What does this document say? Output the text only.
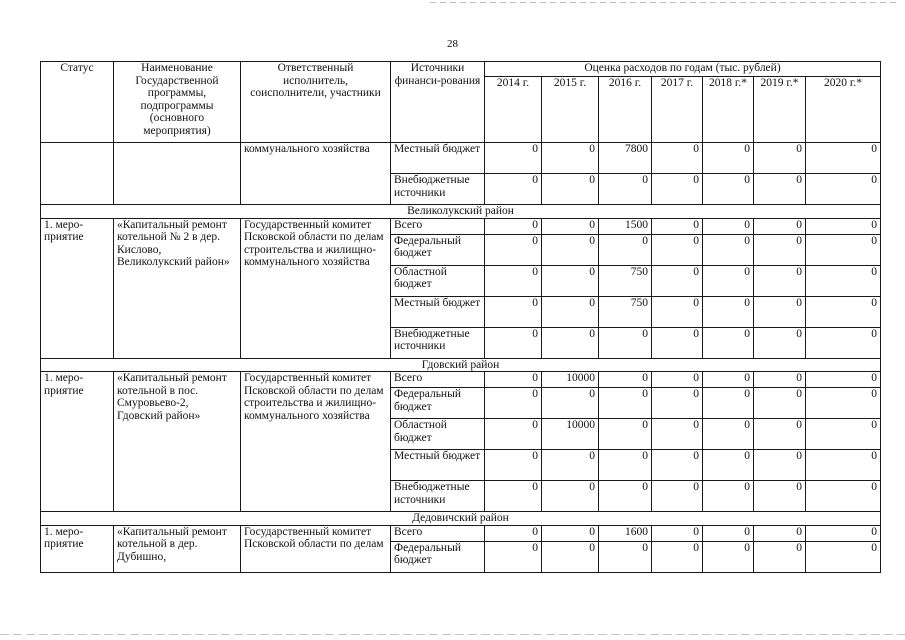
28
Статус	Наименование Государственной программы, подпрограммы (основного мероприятия)	Ответственный исполнитель, соисполнители, участники	Источники финанси-рования	Оценка расходов по годам (тыс. рублей)						
				2014 г.	2015 г.	2016 г.	2017 г.	2018 г.*	2019 г.*	2020 г.*
		коммунального хозяйства	Местный бюджет	0	0	7800	0	0	0	0
			Внебюджетные источники	0	0	0	0	0	0	0
Великолукский район										
1. меро-приятие	«Капитальный ремонт котельной № 2 в дер. Кислово, Великолукский район»	Государственный комитет Псковской области по делам строительства и жилищно-коммунального хозяйства	Всего	0	0	1500	0	0	0	0
			Федеральный бюджет	0	0	0	0	0	0	0
			Областной бюджет	0	0	750	0	0	0	0
			Местный бюджет	0	0	750	0	0	0	0
			Внебюджетные источники	0	0	0	0	0	0	0
Гдовский район										
1. меро-приятие	«Капитальный ремонт котельной в пос. Смуровьево-2, Гдовский район»	Государственный комитет Псковской области по делам строительства и жилищно-коммунального хозяйства	Всего	0	10000	0	0	0	0	0
			Федеральный бюджет	0	0	0	0	0	0	0
			Областной бюджет	0	10000	0	0	0	0	0
			Местный бюджет	0	0	0	0	0	0	0
			Внебюджетные источники	0	0	0	0	0	0	0
Дедовичский район										
1. меро-приятие	«Капитальный ремонт котельной в дер. Дубишно,	Государственный комитет Псковской области по делам	Всего	0	0	1600	0	0	0	0
			Федеральный бюджет	0	0	0	0	0	0	0
